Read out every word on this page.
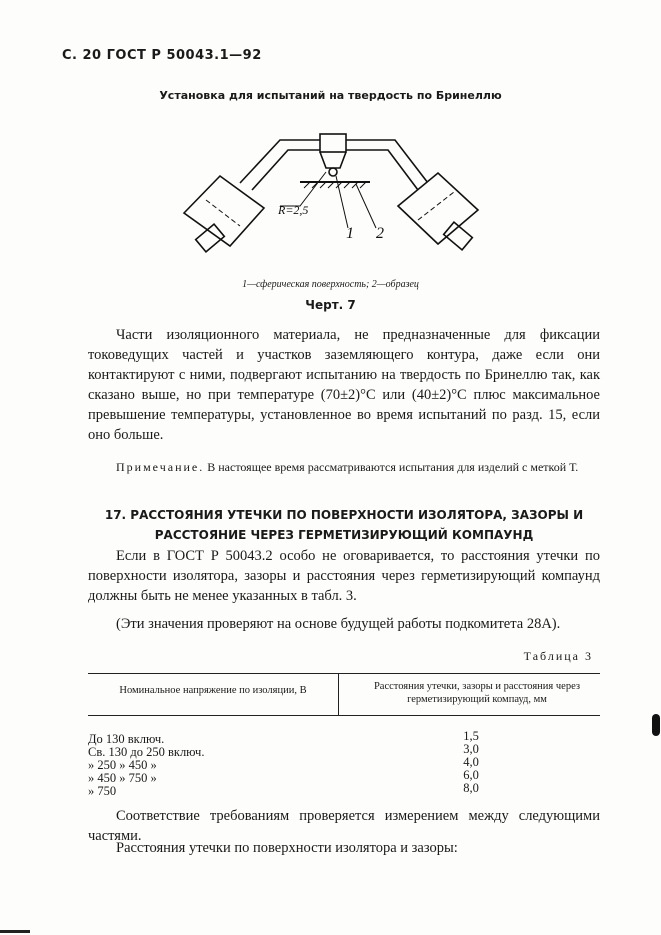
С. 20 ГОСТ Р 50043.1—92
Установка для испытаний на твердость по Бринеллю
R=2,5
1 2
1—сферическая поверхность; 2—образец
Черт. 7
Части изоляционного материала, не предназначенные для фиксации токоведущих частей и участков заземляющего контура, даже если они контактируют с ними, подвергают испытанию на твердость по Бринеллю так, как сказано выше, но при температуре (70±2)°С или (40±2)°С плюс максимальное превышение температуры, установленное во время испытаний по разд. 15, если оно больше.
Примечание. В настоящее время рассматриваются испытания для изделий с меткой Т.
17. РАССТОЯНИЯ УТЕЧКИ ПО ПОВЕРХНОСТИ ИЗОЛЯТОРА, ЗАЗОРЫ И РАССТОЯНИЕ ЧЕРЕЗ ГЕРМЕТИЗИРУЮЩИЙ КОМПАУНД
Если в ГОСТ Р 50043.2 особо не оговаривается, то расстояния утечки по поверхности изолятора, зазоры и расстояния через герметизирующий компаунд должны быть не менее указанных в табл. 3.
(Эти значения проверяют на основе будущей работы подкомитета 28А).
Таблица 3
Номинальное напряжение по изоляции, В	Расстояния утечки, зазоры и расстояния через герметизирующий компауд, мм
До 130 включ.	1,5
Св. 130 до 250 включ.	3,0
» 250 » 450 »	4,0
» 450 » 750 »	6,0
» 750	8,0
Соответствие требованиям проверяется измерением между следующими частями.
Расстояния утечки по поверхности изолятора и зазоры:
